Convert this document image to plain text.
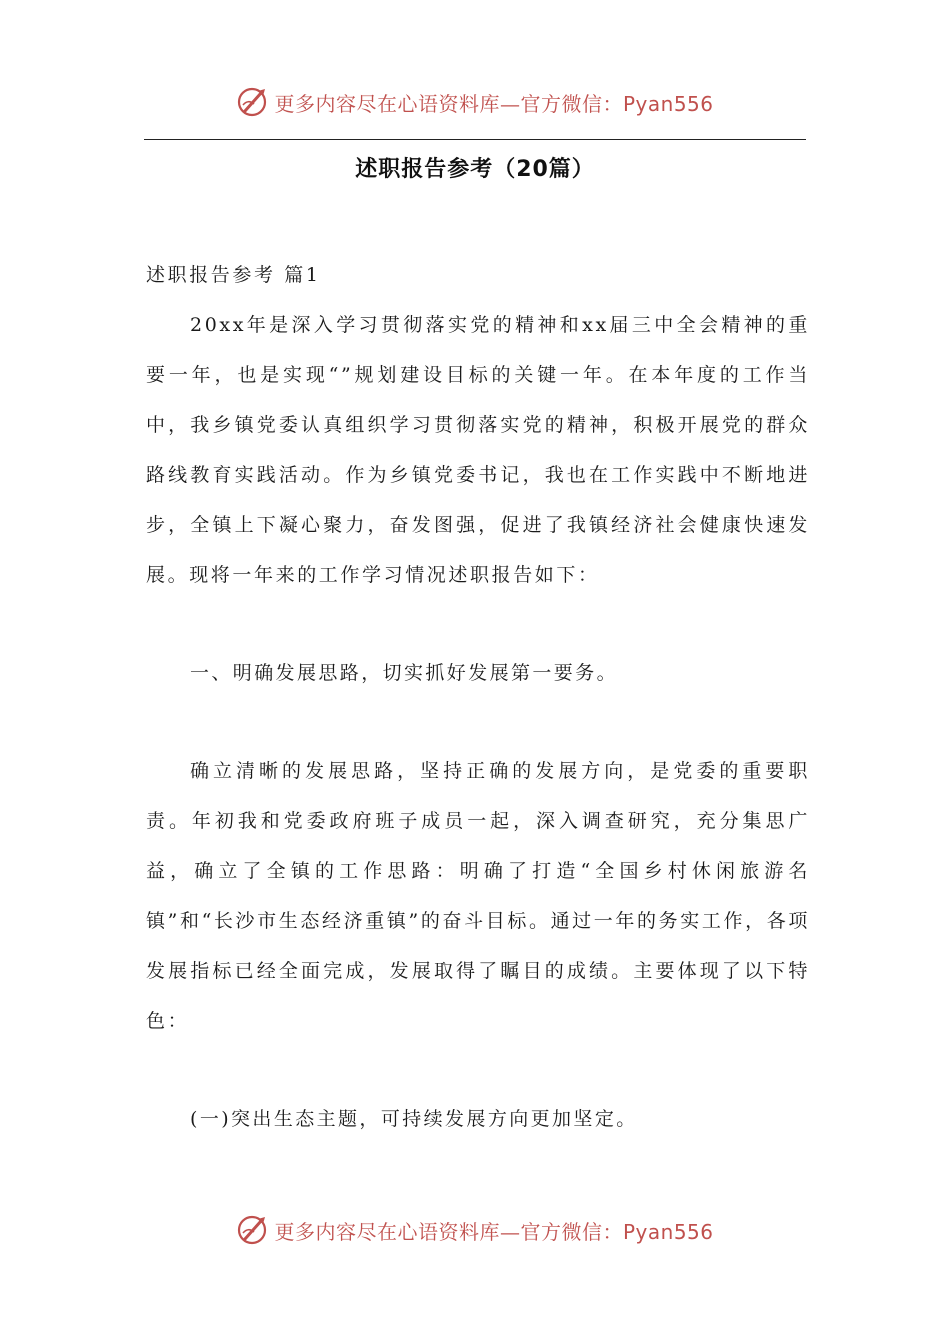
更多内容尽在心语资料库—官方微信：Pyan556
述职报告参考（20篇）

述职报告参考 篇1

20xx年是深入学习贯彻落实党的精神和xx届三中全会精神的重要一年，也是实现“”规划建设目标的关键一年。在本年度的工作当中，我乡镇党委认真组织学习贯彻落实党的精神，积极开展党的群众路线教育实践活动。作为乡镇党委书记，我也在工作实践中不断地进步，全镇上下凝心聚力，奋发图强，促进了我镇经济社会健康快速发展。现将一年来的工作学习情况述职报告如下：

一、明确发展思路，切实抓好发展第一要务。

确立清晰的发展思路，坚持正确的发展方向，是党委的重要职责。年初我和党委政府班子成员一起，深入调查研究，充分集思广益，确立了全镇的工作思路：明确了打造“全国乡村休闲旅游名镇”和“长沙市生态经济重镇”的奋斗目标。通过一年的务实工作，各项发展指标已经全面完成，发展取得了瞩目的成绩。主要体现了以下特色：

(一)突出生态主题，可持续发展方向更加坚定。

更多内容尽在心语资料库—官方微信：Pyan556
